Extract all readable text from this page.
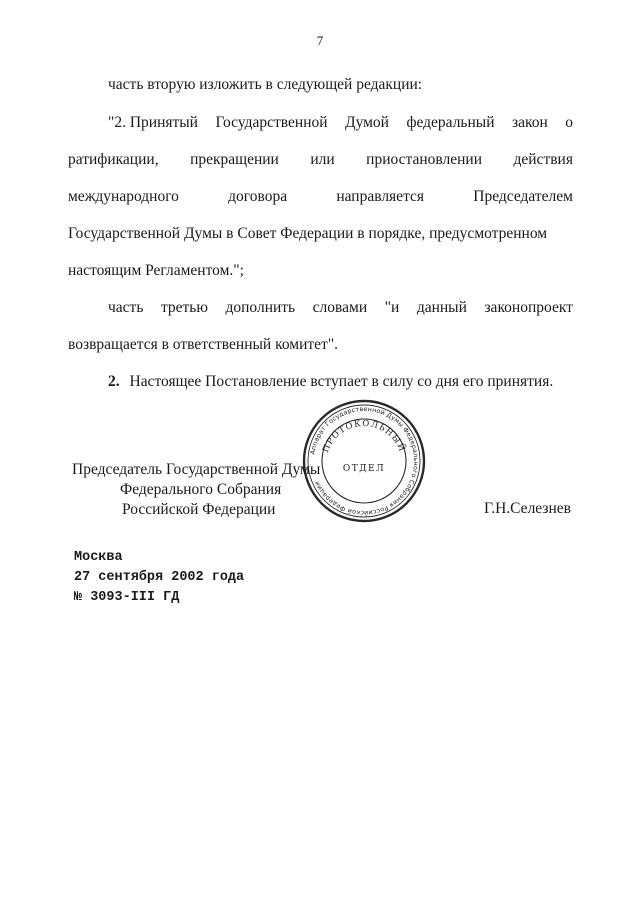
7
часть вторую изложить в следующей редакции:
"2. Принятый Государственной Думой федеральный закон о
ратификации, прекращении или приостановлении действия
международного	договора	направляется	Председателем
Государственной Думы в Совет Федерации в порядке, предусмотренном
настоящим Регламентом.";
часть третью дополнить словами "и данный законопроект
возвращается в ответственный комитет".
2. Настоящее Постановление вступает в силу со дня его принятия.
Аппарат Государственной Думы Федерального Собрания Российской Федерации
ПРОТОКОЛЬНЫЙ
ОТДЕЛ
Председатель Государственной Думы
Федерального Собрания
Российской Федерации	Г.Н.Селезнев
Москва
27 сентября 2002 года
№ 3093-III ГД
